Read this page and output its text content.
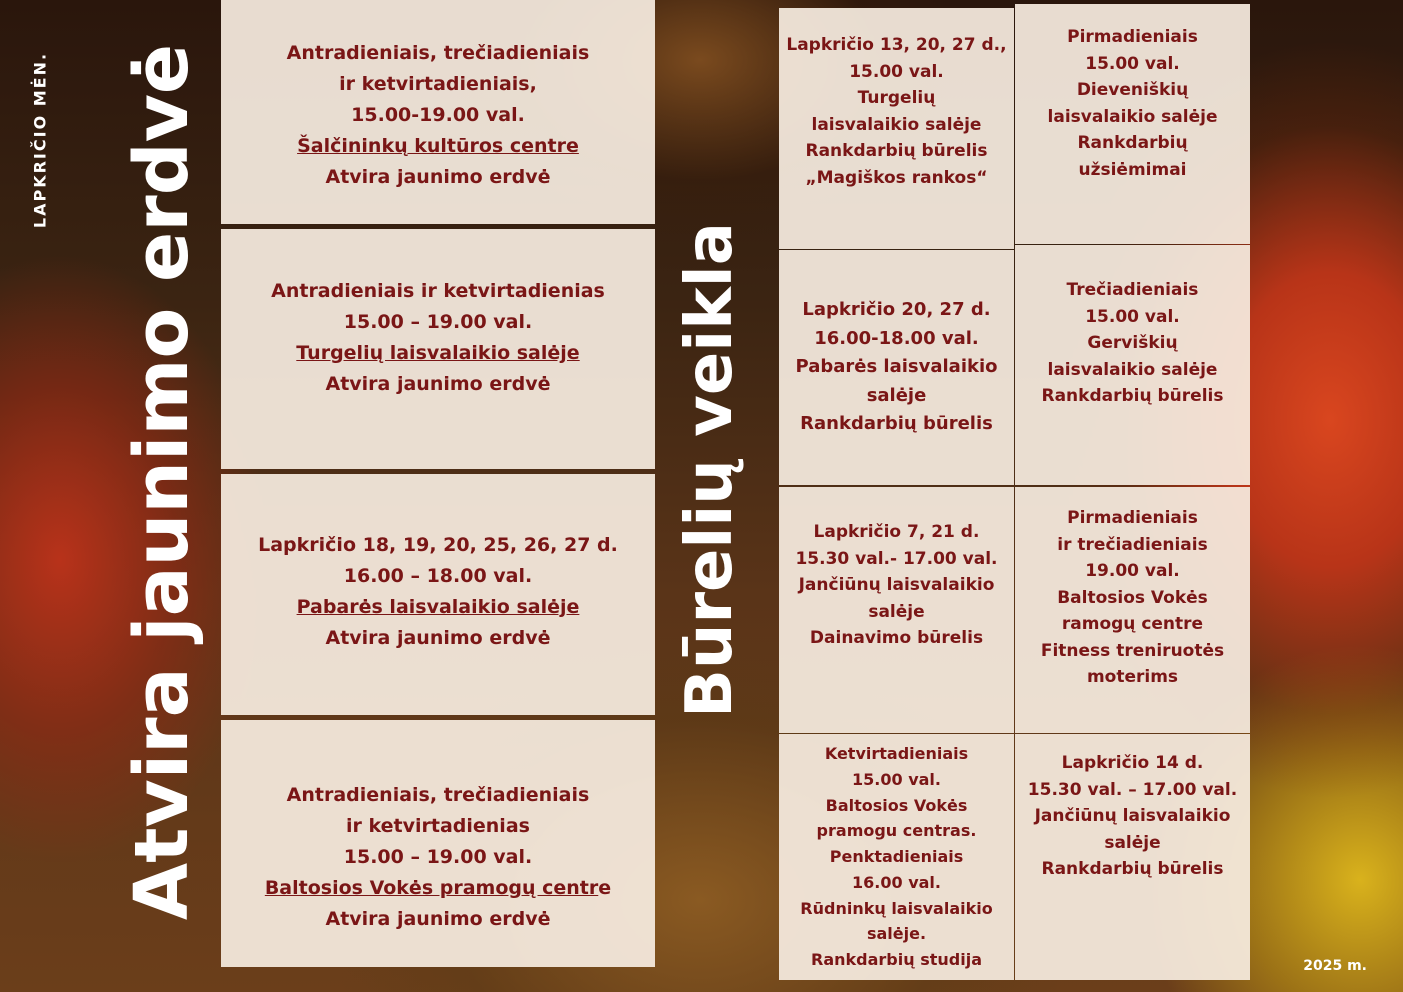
LAPKRIČIO MĖN. Atvira jaunimo erdvė	Būrelių veikla
Antradieniais, trečiadieniais
ir ketvirtadieniais,
15.00-19.00 val.
Šalčininkų kultūros centre
Atvira jaunimo erdvė
Antradieniais ir ketvirtadienias
15.00 – 19.00 val.
Turgelių laisvalaikio salėje
Atvira jaunimo erdvė
Lapkričio 18, 19, 20, 25, 26, 27 d.
16.00 – 18.00 val.
Pabarės laisvalaikio salėje
Atvira jaunimo erdvė
Antradieniais, trečiadieniais
ir ketvirtadienias
15.00 – 19.00 val.
Baltosios Vokės pramogų centre
Atvira jaunimo erdvė
Lapkričio 13, 20, 27 d.,
15.00 val.
Turgelių
laisvalaikio salėje
Rankdarbių būrelis
„Magiškos rankos“
Lapkričio 20, 27 d.
16.00-18.00 val.
Pabarės laisvalaikio
salėje
Rankdarbių būrelis
Lapkričio 7, 21 d.
15.30 val.- 17.00 val.
Jančiūnų laisvalaikio
salėje
Dainavimo būrelis
Ketvirtadieniais
15.00 val.
Baltosios Vokės
pramogu centras.
Penktadieniais
16.00 val.
Rūdninkų laisvalaikio
salėje.
Rankdarbių studija
Pirmadieniais
15.00 val.
Dieveniškių
laisvalaikio salėje
Rankdarbių
užsiėmimai
Trečiadieniais
15.00 val.
Gerviškių
laisvalaikio salėje
Rankdarbių būrelis
Pirmadieniais
ir trečiadieniais
19.00 val.
Baltosios Vokės
ramogų centre
Fitness treniruotės
moterims
Lapkričio 14 d.
15.30 val. – 17.00 val.
Jančiūnų laisvalaikio
salėje
Rankdarbių būrelis
2025 m.
